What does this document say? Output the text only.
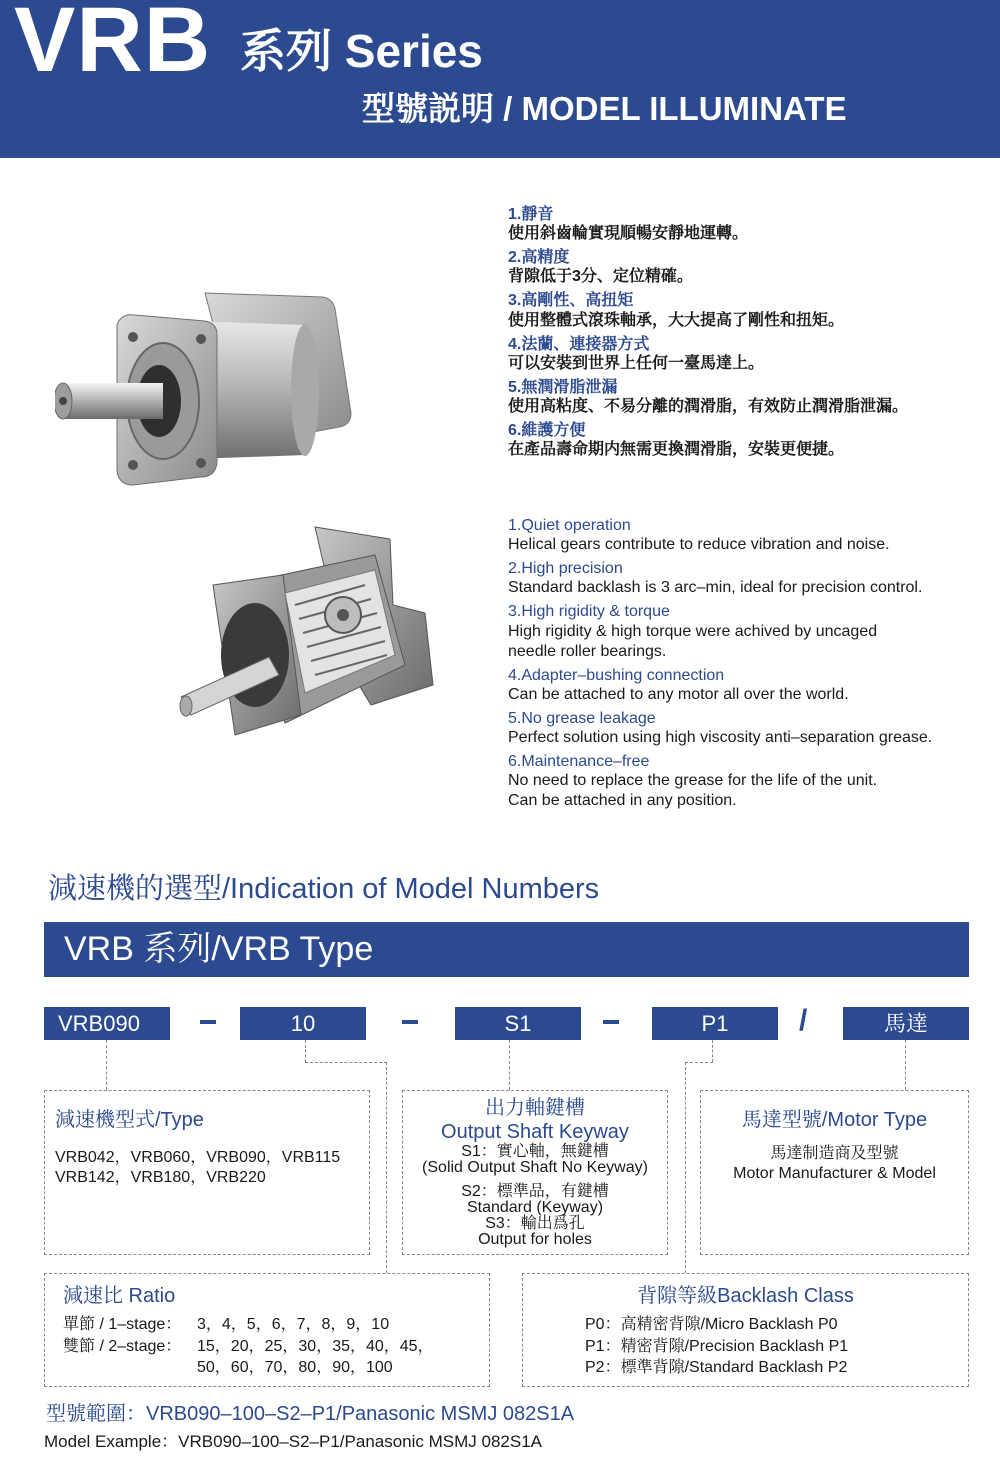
VRB 系列 Series
型號説明 / MODEL ILLUMINATE
1.靜音
使用斜齒輪實現順暢安靜地運轉。
2.高精度
背隙低于3分、定位精確。
3.高剛性、高扭矩
使用整體式滾珠軸承，大大提高了剛性和扭矩。
4.法蘭、連接器方式
可以安裝到世界上任何一臺馬達上。
5.無潤滑脂泄漏
使用高粘度、不易分離的潤滑脂，有效防止潤滑脂泄漏。
6.維護方便
在產品壽命期内無需更換潤滑脂，安裝更便捷。
1.Quiet operation
Helical gears contribute to reduce vibration and noise.
2.High precision
Standard backlash is 3 arc–min, ideal for precision control.
3.High rigidity & torque
High rigidity & high torque were achived by uncaged
needle roller bearings.
4.Adapter–bushing connection
Can be attached to any motor all over the world.
5.No grease leakage
Perfect solution using high viscosity anti–separation grease.
6.Maintenance–free
No need to replace the grease for the life of the unit.
Can be attached in any position.
減速機的選型/Indication of Model Numbers
VRB 系列/VRB Type
VRB090	10	S1	P1	/	馬達
減速機型式/Type
VRB042，VRB060，VRB090，VRB115
VRB142，VRB180，VRB220
出力軸鍵槽
Output Shaft Keyway
S1：實心軸，無鍵槽
(Solid Output Shaft No Keyway)
S2：標準品，有鍵槽
Standard (Keyway)
S3：輸出爲孔
Output for holes
馬達型號/Motor Type
馬達制造商及型號
Motor Manufacturer & Model
減速比 Ratio
單節 / 1–stage： 3，4，5，6，7，8，9，10
雙節 / 2–stage： 15，20，25，30，35，40，45，
50，60，70，80，90，100
背隙等級Backlash Class
P0：高精密背隙/Micro Backlash P0
P1：精密背隙/Precision Backlash P1
P2：標準背隙/Standard Backlash P2
型號範圍：VRB090–100–S2–P1/Panasonic MSMJ 082S1A
Model Example：VRB090–100–S2–P1/Panasonic MSMJ 082S1A
